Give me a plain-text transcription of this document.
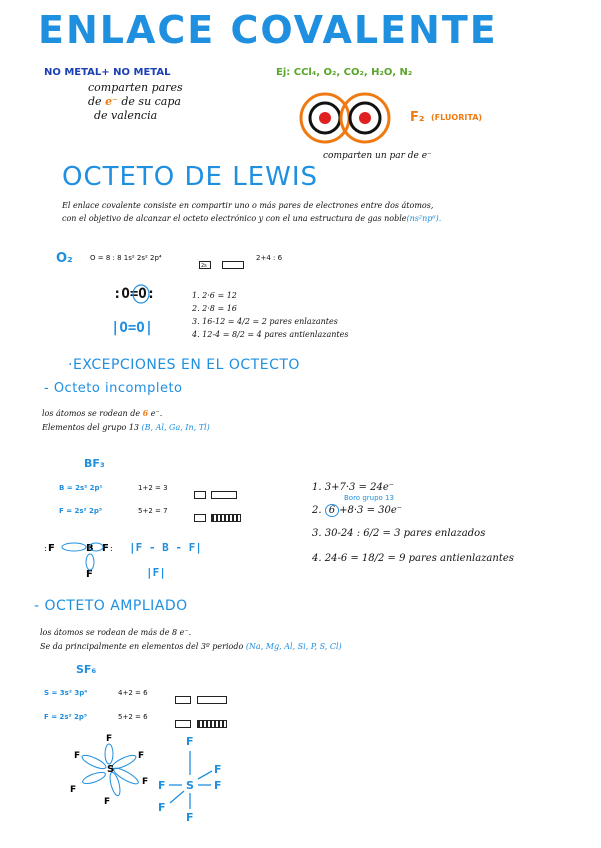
ENLACE COVALENTE
NO METAL+ NO METAL
comparten pares
de e⁻ de su capa
de valencia
Ej: CCl₄, O₂, CO₂, H₂O, N₂
F₂ (FLUORITA)
comparten un par de e⁻
OCTETO DE LEWIS
El enlace covalente consiste en compartir uno o más pares de electrones entre dos átomos,
con el objetivo de alcanzar el octeto electrónico y con el una estructura de gas noble(ns²np⁶).
O₂ O = 8 : 8 1s² 2s² 2p⁴

2s
2+4 : 6
:O=O:
|O=O|
1. 2·6 = 12
2. 2·8 = 16
3. 16-12 = 4/2 = 2 pares enlazantes
4. 12-4 = 8/2 = 4 pares antienlazantes
·EXCEPCIONES EN EL OCTECTO
- Octeto incompleto
los átomos se rodean de 6 e⁻.
Elementos del grupo 13 (B, Al, Ga, In, Tl)
BF₃
B = 2s² 2p¹	1+2 = 3
F = 2s² 2p⁵	5+2 = 7
F	B
F
F
:	: |F - B - F|
|F|
1. 3+7·3 = 24e⁻
Boro grupo 13
2. 6 +8·3 = 30e⁻
3. 30-24 : 6/2 = 3 pares enlazados
4. 24-6 = 18/2 = 9 pares antienlazantes
- OCTETO AMPLIADO
los átomos se rodean de más de 8 e⁻.
Se da principalmente en elementos del 3º periodo (Na, Mg, Al, Si, P, S, Cl)
SF₆
S = 3s² 3p⁴	4+2 = 6
F = 2s² 2p⁵	5+2 = 6
S
F
F	F
F
F
F
F
F S F
F
F
F
